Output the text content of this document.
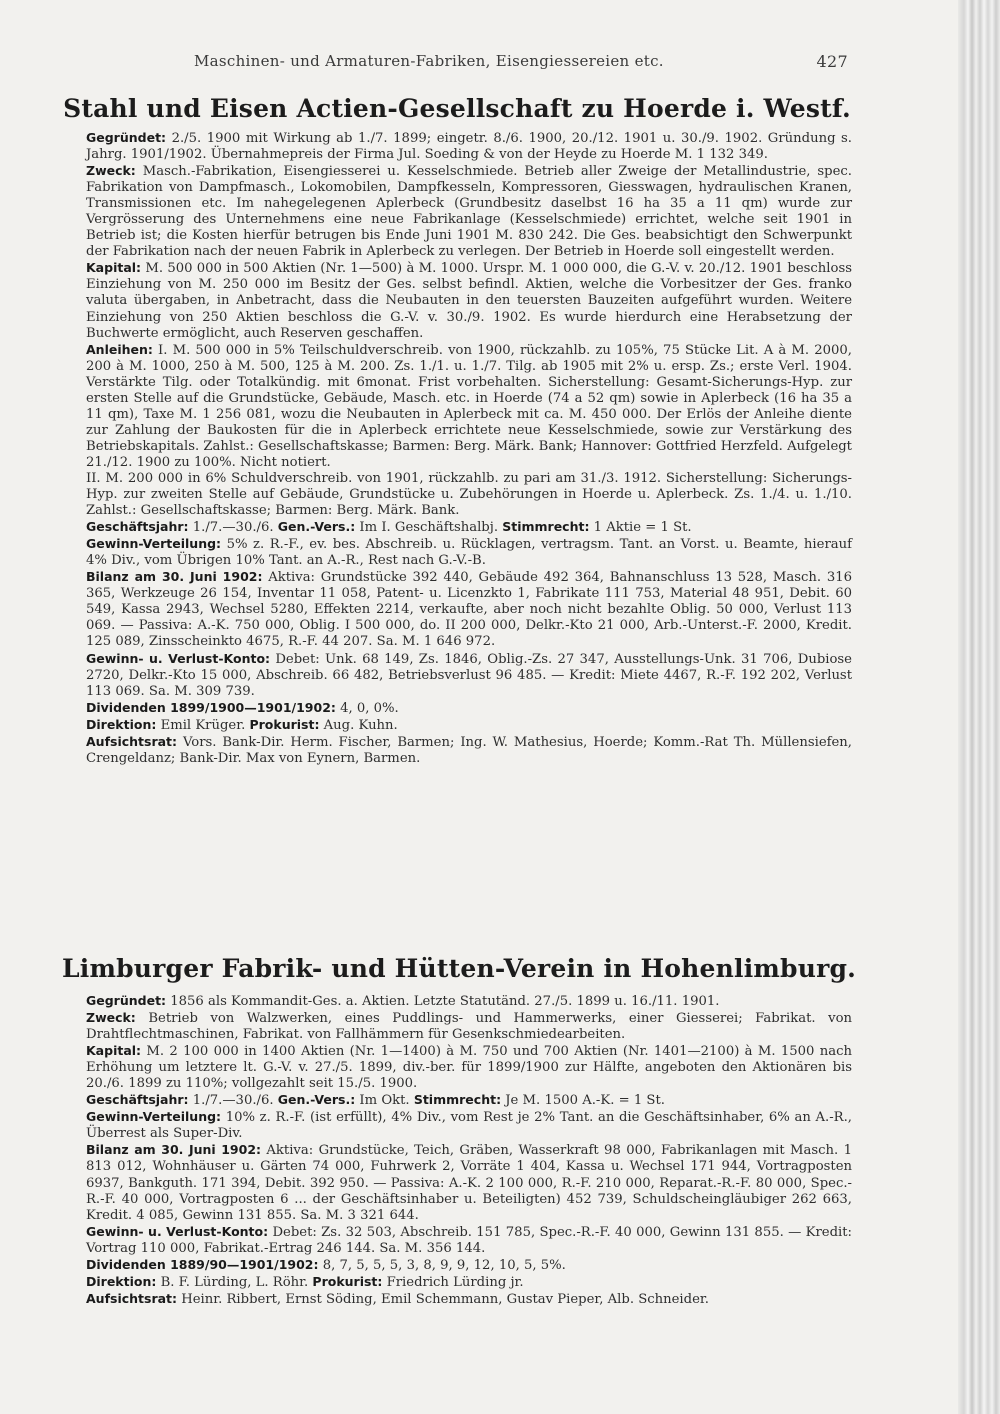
Maschinen- und Armaturen-Fabriken, Eisengiessereien etc.	427
Stahl und Eisen Actien-Gesellschaft zu Hoerde i. Westf.

Gegründet: 2./5. 1900 mit Wirkung ab 1./7. 1899; eingetr. 8./6. 1900, 20./12. 1901 u. 30./9. 1902. Gründung s. Jahrg. 1901/1902. Übernahmepreis der Firma Jul. Soeding & von der Heyde zu Hoerde M. 1 132 349.

Zweck: Masch.-Fabrikation, Eisengiesserei u. Kesselschmiede. Betrieb aller Zweige der Metallindustrie, spec. Fabrikation von Dampfmasch., Lokomobilen, Dampfkesseln, Kompressoren, Giesswagen, hydraulischen Kranen, Transmissionen etc. Im nahegelegenen Aplerbeck (Grundbesitz daselbst 16 ha 35 a 11 qm) wurde zur Vergrösserung des Unternehmens eine neue Fabrikanlage (Kesselschmiede) errichtet, welche seit 1901 in Betrieb ist; die Kosten hierfür betrugen bis Ende Juni 1901 M. 830 242. Die Ges. beabsichtigt den Schwerpunkt der Fabrikation nach der neuen Fabrik in Aplerbeck zu verlegen. Der Betrieb in Hoerde soll eingestellt werden.

Kapital: M. 500 000 in 500 Aktien (Nr. 1—500) à M. 1000. Urspr. M. 1 000 000, die G.-V. v. 20./12. 1901 beschloss Einziehung von M. 250 000 im Besitz der Ges. selbst befindl. Aktien, welche die Vorbesitzer der Ges. franko valuta übergaben, in Anbetracht, dass die Neubauten in den teuersten Bauzeiten aufgeführt wurden. Weitere Einziehung von 250 Aktien beschloss die G.-V. v. 30./9. 1902. Es wurde hierdurch eine Herabsetzung der Buchwerte ermöglicht, auch Reserven geschaffen.

Anleihen: I. M. 500 000 in 5% Teilschuldverschreib. von 1900, rückzahlb. zu 105%, 75 Stücke Lit. A à M. 2000, 200 à M. 1000, 250 à M. 500, 125 à M. 200. Zs. 1./1. u. 1./7. Tilg. ab 1905 mit 2% u. ersp. Zs.; erste Verl. 1904. Verstärkte Tilg. oder Totalkündig. mit 6monat. Frist vorbehalten. Sicherstellung: Gesamt-Sicherungs-Hyp. zur ersten Stelle auf die Grundstücke, Gebäude, Masch. etc. in Hoerde (74 a 52 qm) sowie in Aplerbeck (16 ha 35 a 11 qm), Taxe M. 1 256 081, wozu die Neubauten in Aplerbeck mit ca. M. 450 000. Der Erlös der Anleihe diente zur Zahlung der Baukosten für die in Aplerbeck errichtete neue Kesselschmiede, sowie zur Verstärkung des Betriebskapitals. Zahlst.: Gesellschaftskasse; Barmen: Berg. Märk. Bank; Hannover: Gottfried Herzfeld. Aufgelegt 21./12. 1900 zu 100%. Nicht notiert.

II. M. 200 000 in 6% Schuldverschreib. von 1901, rückzahlb. zu pari am 31./3. 1912. Sicherstellung: Sicherungs-Hyp. zur zweiten Stelle auf Gebäude, Grundstücke u. Zubehörungen in Hoerde u. Aplerbeck. Zs. 1./4. u. 1./10. Zahlst.: Gesellschaftskasse; Barmen: Berg. Märk. Bank.

Geschäftsjahr: 1./7.—30./6. Gen.-Vers.: Im I. Geschäftshalbj. Stimmrecht: 1 Aktie = 1 St.

Gewinn-Verteilung: 5% z. R.-F., ev. bes. Abschreib. u. Rücklagen, vertragsm. Tant. an Vorst. u. Beamte, hierauf 4% Div., vom Übrigen 10% Tant. an A.-R., Rest nach G.-V.-B.

Bilanz am 30. Juni 1902: Aktiva: Grundstücke 392 440, Gebäude 492 364, Bahnanschluss 13 528, Masch. 316 365, Werkzeuge 26 154, Inventar 11 058, Patent- u. Licenzkto 1, Fabrikate 111 753, Material 48 951, Debit. 60 549, Kassa 2943, Wechsel 5280, Effekten 2214, verkaufte, aber noch nicht bezahlte Oblig. 50 000, Verlust 113 069. — Passiva: A.-K. 750 000, Oblig. I 500 000, do. II 200 000, Delkr.-Kto 21 000, Arb.-Unterst.-F. 2000, Kredit. 125 089, Zinsscheinkto 4675, R.-F. 44 207. Sa. M. 1 646 972.

Gewinn- u. Verlust-Konto: Debet: Unk. 68 149, Zs. 1846, Oblig.-Zs. 27 347, Ausstellungs-Unk. 31 706, Dubiose 2720, Delkr.-Kto 15 000, Abschreib. 66 482, Betriebsverlust 96 485. — Kredit: Miete 4467, R.-F. 192 202, Verlust 113 069. Sa. M. 309 739.

Dividenden 1899/1900—1901/1902: 4, 0, 0%.

Direktion: Emil Krüger. Prokurist: Aug. Kuhn.

Aufsichtsrat: Vors. Bank-Dir. Herm. Fischer, Barmen; Ing. W. Mathesius, Hoerde; Komm.-Rat Th. Müllensiefen, Crengeldanz; Bank-Dir. Max von Eynern, Barmen.

Limburger Fabrik- und Hütten-Verein in Hohenlimburg.

Gegründet: 1856 als Kommandit-Ges. a. Aktien. Letzte Statutänd. 27./5. 1899 u. 16./11. 1901.

Zweck: Betrieb von Walzwerken, eines Puddlings- und Hammerwerks, einer Giesserei; Fabrikat. von Drahtflechtmaschinen, Fabrikat. von Fallhämmern für Gesenkschmiedearbeiten.

Kapital: M. 2 100 000 in 1400 Aktien (Nr. 1—1400) à M. 750 und 700 Aktien (Nr. 1401—2100) à M. 1500 nach Erhöhung um letztere lt. G.-V. v. 27./5. 1899, div.-ber. für 1899/1900 zur Hälfte, angeboten den Aktionären bis 20./6. 1899 zu 110%; vollgezahlt seit 15./5. 1900.

Geschäftsjahr: 1./7.—30./6. Gen.-Vers.: Im Okt. Stimmrecht: Je M. 1500 A.-K. = 1 St.

Gewinn-Verteilung: 10% z. R.-F. (ist erfüllt), 4% Div., vom Rest je 2% Tant. an die Geschäftsinhaber, 6% an A.-R., Überrest als Super-Div.

Bilanz am 30. Juni 1902: Aktiva: Grundstücke, Teich, Gräben, Wasserkraft 98 000, Fabrikanlagen mit Masch. 1 813 012, Wohnhäuser u. Gärten 74 000, Fuhrwerk 2, Vorräte 1 404, Kassa u. Wechsel 171 944, Vortragposten 6937, Bankguth. 171 394, Debit. 392 950. — Passiva: A.-K. 2 100 000, R.-F. 210 000, Reparat.-R.-F. 80 000, Spec.-R.-F. 40 000, Vortragposten 6 ... der Geschäftsinhaber u. Beteiligten) 452 739, Schuldscheingläubiger 262 663, Kredit. 4 085, Gewinn 131 855. Sa. M. 3 321 644.

Gewinn- u. Verlust-Konto: Debet: Zs. 32 503, Abschreib. 151 785, Spec.-R.-F. 40 000, Gewinn 131 855. — Kredit: Vortrag 110 000, Fabrikat.-Ertrag 246 144. Sa. M. 356 144.

Dividenden 1889/90—1901/1902: 8, 7, 5, 5, 5, 3, 8, 9, 9, 12, 10, 5, 5%.

Direktion: B. F. Lürding, L. Röhr. Prokurist: Friedrich Lürding jr.

Aufsichtsrat: Heinr. Ribbert, Ernst Söding, Emil Schemmann, Gustav Pieper, Alb. Schneider.
